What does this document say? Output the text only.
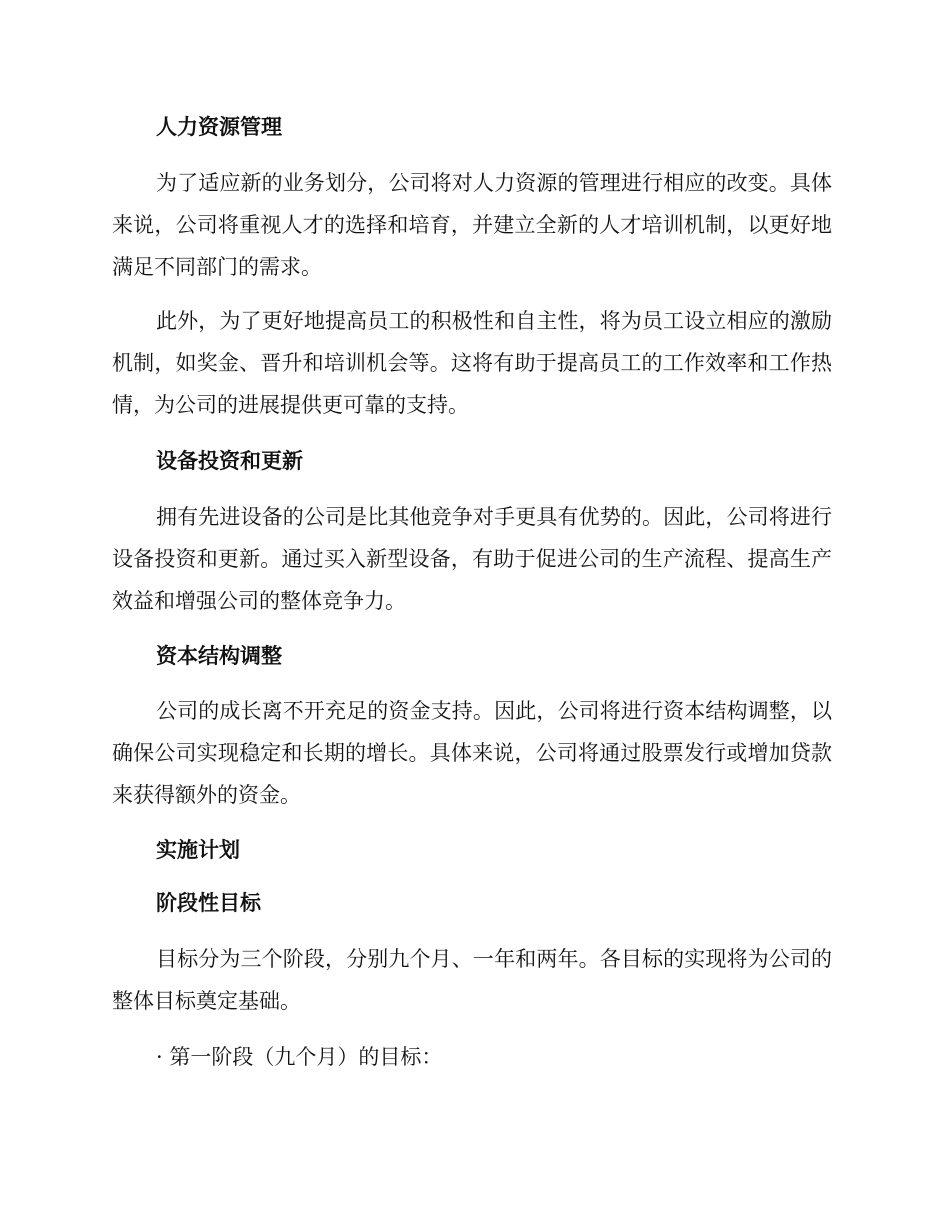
人力资源管理

为了适应新的业务划分，公司将对人力资源的管理进行相应的改变。具体来说，公司将重视人才的选择和培育，并建立全新的人才培训机制，以更好地满足不同部门的需求。

此外，为了更好地提高员工的积极性和自主性，将为员工设立相应的激励机制，如奖金、晋升和培训机会等。这将有助于提高员工的工作效率和工作热情，为公司的进展提供更可靠的支持。

设备投资和更新

拥有先进设备的公司是比其他竞争对手更具有优势的。因此，公司将进行设备投资和更新。通过买入新型设备，有助于促进公司的生产流程、提高生产效益和增强公司的整体竞争力。

资本结构调整

公司的成长离不开充足的资金支持。因此，公司将进行资本结构调整，以确保公司实现稳定和长期的增长。具体来说，公司将通过股票发行或增加贷款来获得额外的资金。

实施计划
阶段性目标

目标分为三个阶段，分别九个月、一年和两年。各目标的实现将为公司的整体目标奠定基础。

· 第一阶段（九个月）的目标：
